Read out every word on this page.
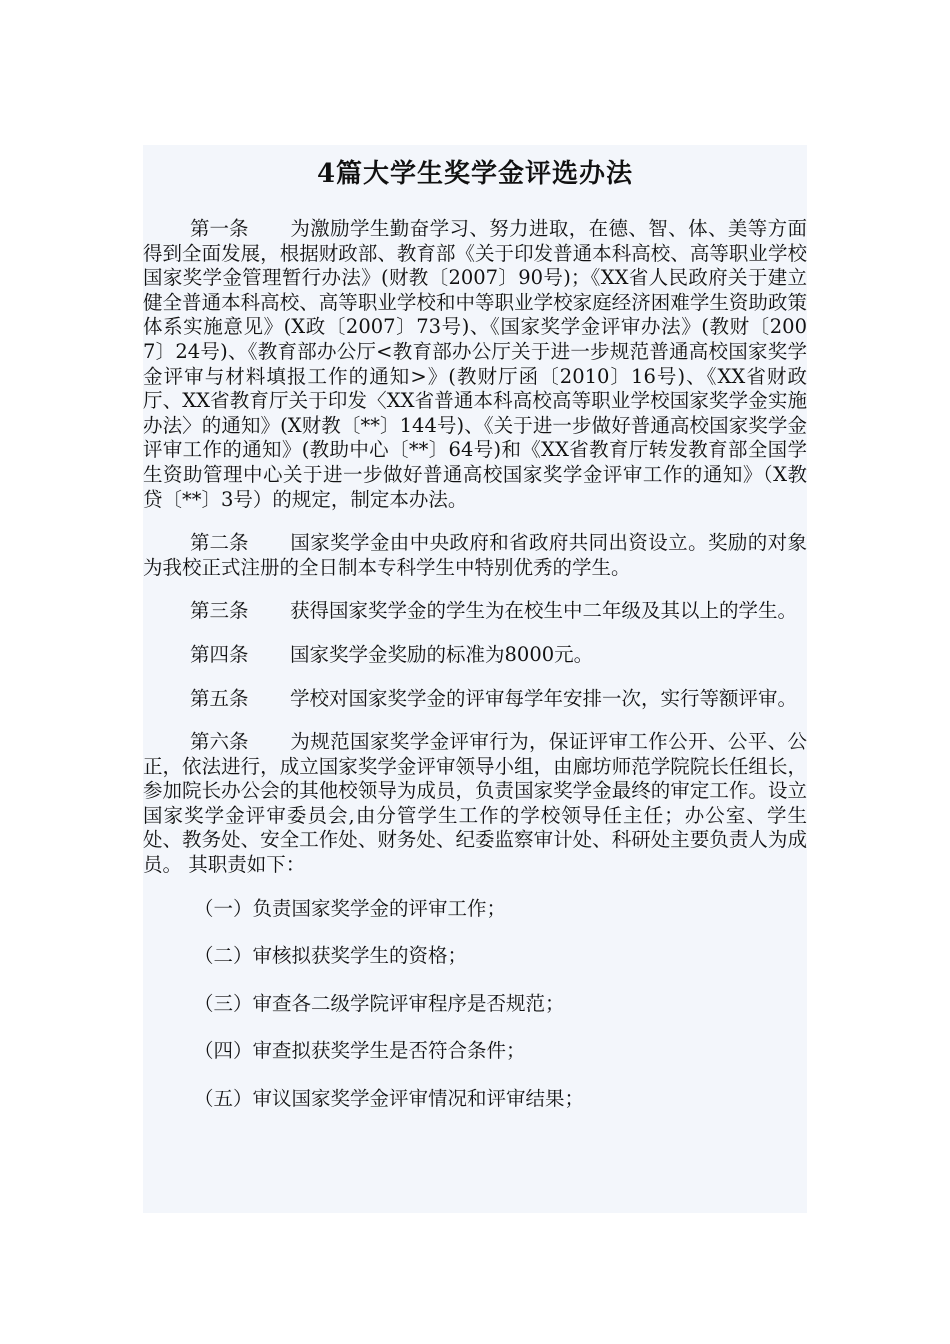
4篇大学生奖学金评选办法

第一条 为激励学生勤奋学习、努力进取，在德、智、体、美等方面得到全面发展，根据财政部、教育部《关于印发普通本科高校、高等职业学校国家奖学金管理暂行办法》(财教〔2007〕90号)；《XX省人民政府关于建立健全普通本科高校、高等职业学校和中等职业学校家庭经济困难学生资助政策体系实施意见》(X政〔2007〕73号)、《国家奖学金评审办法》(教财〔2007〕24号)、《教育部办公厅<教育部办公厅关于进一步规范普通高校国家奖学金评审与材料填报工作的通知>》(教财厅函〔2010〕16号)、《XX省财政厅、XX省教育厅关于印发〈XX省普通本科高校高等职业学校国家奖学金实施办法〉的通知》(X财教〔**〕144号)、《关于进一步做好普通高校国家奖学金评审工作的通知》(教助中心〔**〕64号)和《XX省教育厅转发教育部全国学生资助管理中心关于进一步做好普通高校国家奖学金评审工作的通知》（X教贷〔**〕3号）的规定，制定本办法。

第二条 国家奖学金由中央政府和省政府共同出资设立。奖励的对象为我校正式注册的全日制本专科学生中特别优秀的学生。

第三条 获得国家奖学金的学生为在校生中二年级及其以上的学生。

第四条 国家奖学金奖励的标准为8000元。

第五条 学校对国家奖学金的评审每学年安排一次，实行等额评审。

第六条 为规范国家奖学金评审行为，保证评审工作公开、公平、公正，依法进行，成立国家奖学金评审领导小组，由廊坊师范学院院长任组长，参加院长办公会的其他校领导为成员，负责国家奖学金最终的审定工作。设立国家奖学金评审委员会,由分管学生工作的学校领导任主任；办公室、学生处、教务处、安全工作处、财务处、纪委监察审计处、科研处主要负责人为成员。 其职责如下：

（一）负责国家奖学金的评审工作；
（二）审核拟获奖学生的资格；
（三）审查各二级学院评审程序是否规范；
（四）审查拟获奖学生是否符合条件；
（五）审议国家奖学金评审情况和评审结果；
